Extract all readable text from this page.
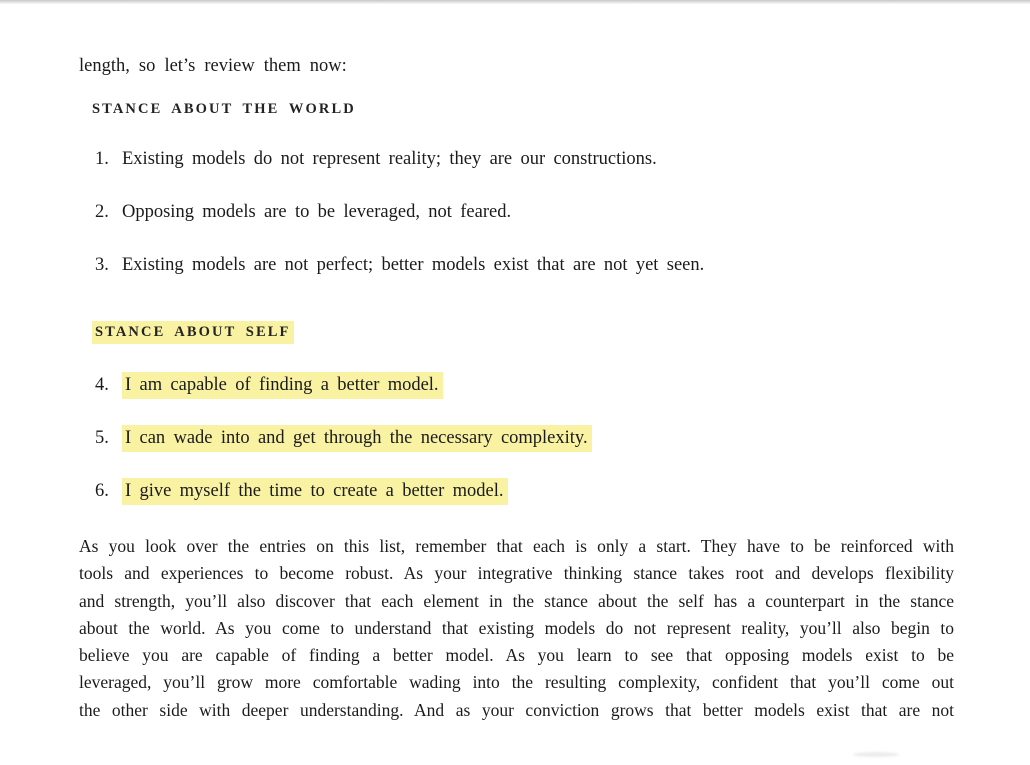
length, so let’s review them now:

STANCE ABOUT THE WORLD
1. Existing models do not represent reality; they are our constructions.
2. Opposing models are to be leveraged, not feared.
3. Existing models are not perfect; better models exist that are not yet seen.
STANCE ABOUT SELF
4. I am capable of finding a better model.
5. I can wade into and get through the necessary complexity.
6. I give myself the time to create a better model.
As you look over the entries on this list, remember that each is only a start. They have to be reinforced with
tools and experiences to become robust. As your integrative thinking stance takes root and develops flexibility
and strength, you’ll also discover that each element in the stance about the self has a counterpart in the stance
about the world. As you come to understand that existing models do not represent reality, you’ll also begin to
believe you are capable of finding a better model. As you learn to see that opposing models exist to be
leveraged, you’ll grow more comfortable wading into the resulting complexity, confident that you’ll come out
the other side with deeper understanding. And as your conviction grows that better models exist that are not
